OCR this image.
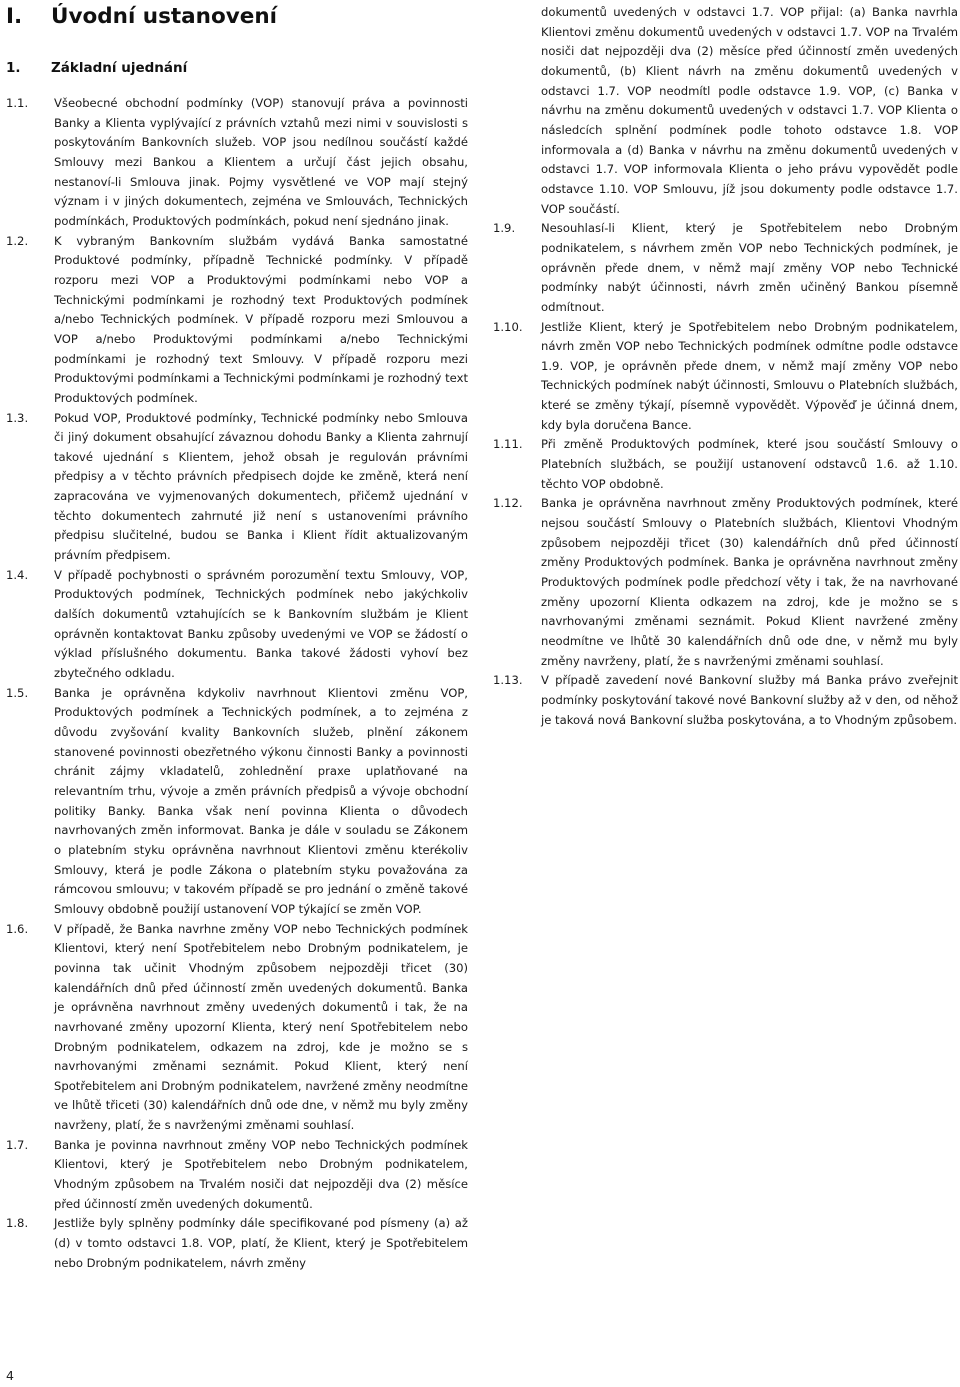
I. Úvodní ustanovení
1. Základní ujednání
1.1.	Všeobecné obchodní podmínky (VOP) stanovují práva a povinnosti Banky a Klienta vyplývající z právních vztahů mezi nimi v souvislosti s poskytováním Bankovních služeb. VOP jsou nedílnou součástí každé Smlouvy mezi Bankou a Klientem a určují část jejich obsahu, nestanoví-li Smlouva jinak. Pojmy vysvětlené ve VOP mají stejný význam i v jiných dokumentech, zejména ve Smlouvách, Technických podmínkách, Produktových podmínkách, pokud není sjednáno jinak.
1.2.	K vybraným Bankovním službám vydává Banka samostatné Produktové podmínky, případně Technické podmínky. V případě rozporu mezi VOP a Produktovými podmínkami nebo VOP a Technickými podmínkami je rozhodný text Produktových podmínek a/nebo Technických podmínek. V případě rozporu mezi Smlouvou a VOP a/nebo Produktovými podmínkami a/nebo Technickými podmínkami je rozhodný text Smlouvy. V případě rozporu mezi Produktovými podmínkami a Technickými podmínkami je rozhodný text Produktových podmínek.
1.3.	Pokud VOP, Produktové podmínky, Technické podmínky nebo Smlouva či jiný dokument obsahující závaznou dohodu Banky a Klienta zahrnují takové ujednání s Klientem, jehož obsah je regulován právními předpisy a v těchto právních předpisech dojde ke změně, která není zapracována ve vyjmenovaných dokumentech, přičemž ujednání v těchto dokumentech zahrnuté již není s ustanoveními právního předpisu slučitelné, budou se Banka i Klient řídit aktualizovaným právním předpisem.
1.4.	V případě pochybnosti o správném porozumění textu Smlouvy, VOP, Produktových podmínek, Technických podmínek nebo jakýchkoliv dalších dokumentů vztahujících se k Bankovním službám je Klient oprávněn kontaktovat Banku způsoby uvedenými ve VOP se žádostí o výklad příslušného dokumentu. Banka takové žádosti vyhoví bez zbytečného odkladu.
1.5.	Banka je oprávněna kdykoliv navrhnout Klientovi změnu VOP, Produktových podmínek a Technických podmínek, a to zejména z důvodu zvyšování kvality Bankovních služeb, plnění zákonem stanovené povinnosti obezřetného výkonu činnosti Banky a povinnosti chránit zájmy vkladatelů, zohlednění praxe uplatňované na relevantním trhu, vývoje a změn právních předpisů a vývoje obchodní politiky Banky. Banka však není povinna Klienta o důvodech navrhovaných změn informovat. Banka je dále v souladu se Zákonem o platebním styku oprávněna navrhnout Klientovi změnu kterékoliv Smlouvy, která je podle Zákona o platebním styku považována za rámcovou smlouvu; v takovém případě se pro jednání o změně takové Smlouvy obdobně použijí ustanovení VOP týkající se změn VOP.
1.6.	V případě, že Banka navrhne změny VOP nebo Technických podmínek Klientovi, který není Spotřebitelem nebo Drobným podnikatelem, je povinna tak učinit Vhodným způsobem nejpozději třicet (30) kalendářních dnů před účinností změn uvedených dokumentů. Banka je oprávněna navrhnout změny uvedených dokumentů i tak, že na navrhované změny upozorní Klienta, který není Spotřebitelem nebo Drobným podnikatelem, odkazem na zdroj, kde je možno se s navrhovanými změnami seznámit. Pokud Klient, který není Spotřebitelem ani Drobným podnikatelem, navržené změny neodmítne ve lhůtě třiceti (30) kalendářních dnů ode dne, v němž mu byly změny navrženy, platí, že s navrženými změnami souhlasí.
1.7.	Banka je povinna navrhnout změny VOP nebo Technických podmínek Klientovi, který je Spotřebitelem nebo Drobným podnikatelem, Vhodným způsobem na Trvalém nosiči dat nejpozději dva (2) měsíce před účinností změn uvedených dokumentů.
1.8.	Jestliže byly splněny podmínky dále specifikované pod písmeny (a) až (d) v tomto odstavci 1.8. VOP, platí, že Klient, který je Spotřebitelem nebo Drobným podnikatelem, návrh změny

dokumentů uvedených v odstavci 1.7. VOP přijal: (a) Banka navrhla Klientovi změnu dokumentů uvedených v odstavci 1.7. VOP na Trvalém nosiči dat nejpozději dva (2) měsíce před účinností změn uvedených dokumentů, (b) Klient návrh na změnu dokumentů uvedených v odstavci 1.7. VOP neodmítl podle odstavce 1.9. VOP, (c) Banka v návrhu na změnu dokumentů uvedených v odstavci 1.7. VOP Klienta o následcích splnění podmínek podle tohoto odstavce 1.8. VOP informovala a (d) Banka v návrhu na změnu dokumentů uvedených v odstavci 1.7. VOP informovala Klienta o jeho právu vypovědět podle odstavce 1.10. VOP Smlouvu, jíž jsou dokumenty podle odstavce 1.7. VOP součástí.

1.9.	Nesouhlasí-li Klient, který je Spotřebitelem nebo Drobným podnikatelem, s návrhem změn VOP nebo Technických podmínek, je oprávněn přede dnem, v němž mají změny VOP nebo Technické podmínky nabýt účinnosti, návrh změn učiněný Bankou písemně odmítnout.
1.10.	Jestliže Klient, který je Spotřebitelem nebo Drobným podnikatelem, návrh změn VOP nebo Technických podmínek odmítne podle odstavce 1.9. VOP, je oprávněn přede dnem, v němž mají změny VOP nebo Technických podmínek nabýt účinnosti, Smlouvu o Platebních službách, které se změny týkají, písemně vypovědět. Výpověď je účinná dnem, kdy byla doručena Bance.
1.11.	Při změně Produktových podmínek, které jsou součástí Smlouvy o Platebních službách, se použijí ustanovení odstavců 1.6. až 1.10. těchto VOP obdobně.
1.12.	Banka je oprávněna navrhnout změny Produktových podmínek, které nejsou součástí Smlouvy o Platebních službách, Klientovi Vhodným způsobem nejpozději třicet (30) kalendářních dnů před účinností změny Produktových podmínek. Banka je oprávněna navrhnout změny Produktových podmínek podle předchozí věty i tak, že na navrhované změny upozorní Klienta odkazem na zdroj, kde je možno se s navrhovanými změnami seznámit. Pokud Klient navržené změny neodmítne ve lhůtě 30 kalendářních dnů ode dne, v němž mu byly změny navrženy, platí, že s navrženými změnami souhlasí.
1.13.	V případě zavedení nové Bankovní služby má Banka právo zveřejnit podmínky poskytování takové nové Bankovní služby až v den, od něhož je taková nová Bankovní služba poskytována, a to Vhodným způsobem.
4
